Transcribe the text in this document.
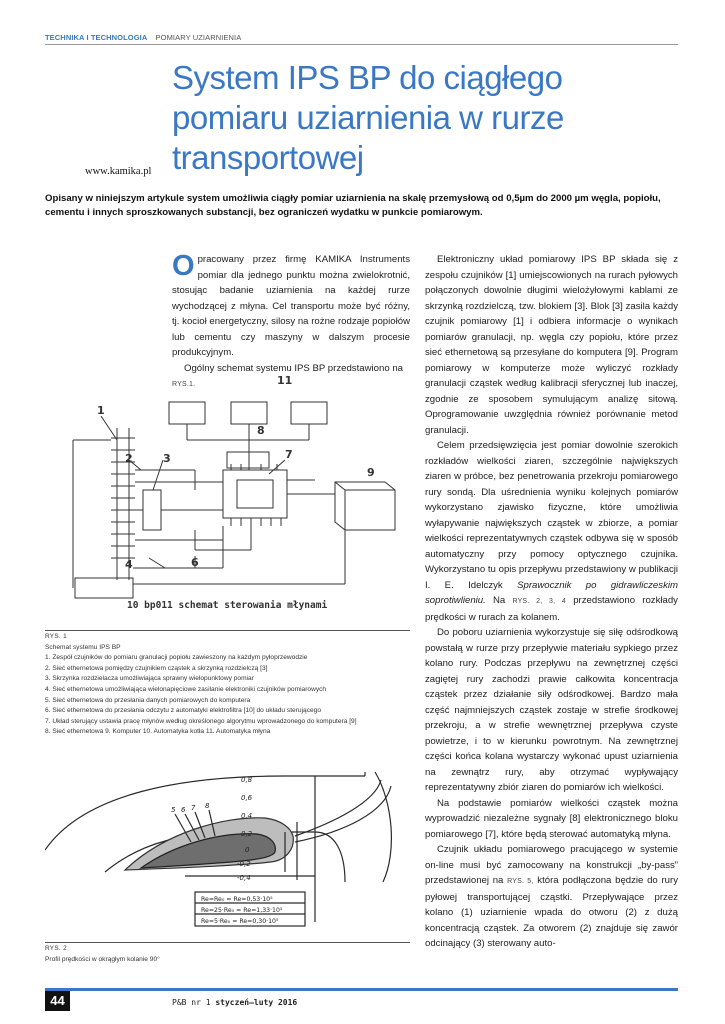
TECHNIKA I TECHNOLOGIA POMIARY UZIARNIENIA
System IPS BP do ciągłego
pomiaru uziarnienia w rurze
transportowej
www.kamika.pl
Opisany w niniejszym artykule system umożliwia ciągły pomiar uziarnienia na skalę przemysłową od 0,5µm do 2000 µm węgla, popiołu, cementu i innych sproszkowanych substancji, bez ograniczeń wydatku w punkcie pomiarowym.

Opracowany przez firmę KAMIKA Instruments pomiar dla jednego punktu można zwielokrotnić, stosując badanie uziarnienia na każdej rurze wychodzącej z młyna. Cel transportu może być różny, tj. kocioł energetyczny, silosy na rożne rodzaje popiołów lub cementu czy maszyny w dalszym procesie produkcyjnym.

Ogólny schemat systemu IPS BP przedstawiono na
RYS.1.

1
2	3
4	6
7
8
9
11
10 bp011 schemat sterowania młynami
RYS. 1
Schemat systemu IPS BP
1. Zespół czujników do pomiaru granulacji popiołu zawieszony na każdym pyłoprzewodzie
2. Sieć ethernetowa pomiędzy czujnikiem cząstek a skrzynką rozdzielczą [3]
3. Skrzynka rozdzielacza umożliwiająca sprawny wielopunktowy pomiar
4. Sieć ethernetowa umożliwiająca wielonapięciowe zasilanie elektroniki czujników pomiarowych
5. Sieć ethernetowa do przesłania danych pomiarowych do komputera
6. Sieć ethernetowa do przesłania odczytu z automatyki elektrofiltra [10] do układu sterującego
7. Układ sterujący ustawia pracę młynów według określonego algorytmu wprowadzonego do komputera [9]
8. Sieć ethernetowa 9. Komputer 10. Automatyka kotła 11. Automatyka młyna
0,8
0,6
0,4
0,2
0
-0,2
-0,4
5 6 7 8
Re=Re₀ ≈ Re=0,53·10⁵
Re=25·Re₀ ≈ Re=1,33·10⁵
Re=5·Re₀ ≈ Re=0,30·10⁵
RYS. 2
Profil prędkości w okrągłym kolanie 90°

Elektroniczny układ pomiarowy IPS BP składa się z zespołu czujników [1] umiejscowionych na rurach pyłowych połączonych dowolnie długimi wielożyłowymi kablami ze skrzynką rozdzielczą, tzw. blokiem [3]. Blok [3] zasila każdy czujnik pomiarowy [1] i odbiera informacje o wynikach pomiarów granulacji, np. węgla czy popiołu, które przez sieć ethernetową są przesyłane do komputera [9]. Program pomiarowy w komputerze może wyliczyć rozkłady granulacji cząstek według kalibracji sferycznej lub inaczej, zgodnie ze sposobem symulującym analizę sitową. Oprogramowanie uwzględnia również porównanie metod granulacji.

Celem przedsięwzięcia jest pomiar dowolnie szerokich rozkładów wielkości ziaren, szczególnie największych ziaren w próbce, bez penetrowania przekroju pomiarowego rury sondą. Dla uśrednienia wyniku kolejnych pomiarów wykorzystano zjawisko fizyczne, które umożliwia wyłapywanie największych cząstek w zbiorze, a pomiar wielkości reprezentatywnych cząstek odbywa się w sposób automatyczny przy pomocy optycznego czujnika. Wykorzystano tu opis przepływu przedstawiony w publikacji I. E. Idelczyk Sprawocznik po gidrawliczeskim soprotiwlieniu. Na RYS. 2, 3, 4 przedstawiono rozkłady prędkości w rurach za kolanem.

Do poboru uziarnienia wykorzystuje się siłę odśrodkową powstałą w rurze przy przepływie materiału sypkiego przez kolano rury. Podczas przepływu na zewnętrznej części zagiętej rury zachodzi prawie całkowita koncentracja cząstek przez działanie siły odśrodkowej. Bardzo mała część najmniejszych cząstek zostaje w strefie środkowej przekroju, a w strefie wewnętrznej przepływa czyste powietrze, i to w kierunku powrotnym. Na zewnętrznej części końca kolana wystarczy wykonać upust uziarnienia na zewnątrz rury, aby otrzymać wypływający reprezentatywny zbiór ziaren do pomiarów ich wielkości.

Na podstawie pomiarów wielkości cząstek można wyprowadzić niezależne sygnały [8] elektronicznego bloku pomiarowego [7], które będą sterować automatyką młyna.

Czujnik układu pomiarowego pracującego w systemie on-line musi być zamocowany na konstrukcji „by-pass” przedstawionej na RYS. 5, która podłączona będzie do rury pyłowej transportującej cząstki. Przepływające przez kolano (1) uziarnienie wpada do otworu (2) z dużą koncentracją cząstek. Za otworem (2) znajduje się zawór odcinający (3) sterowany auto-

44	P&B nr 1 styczeń–luty 2016
